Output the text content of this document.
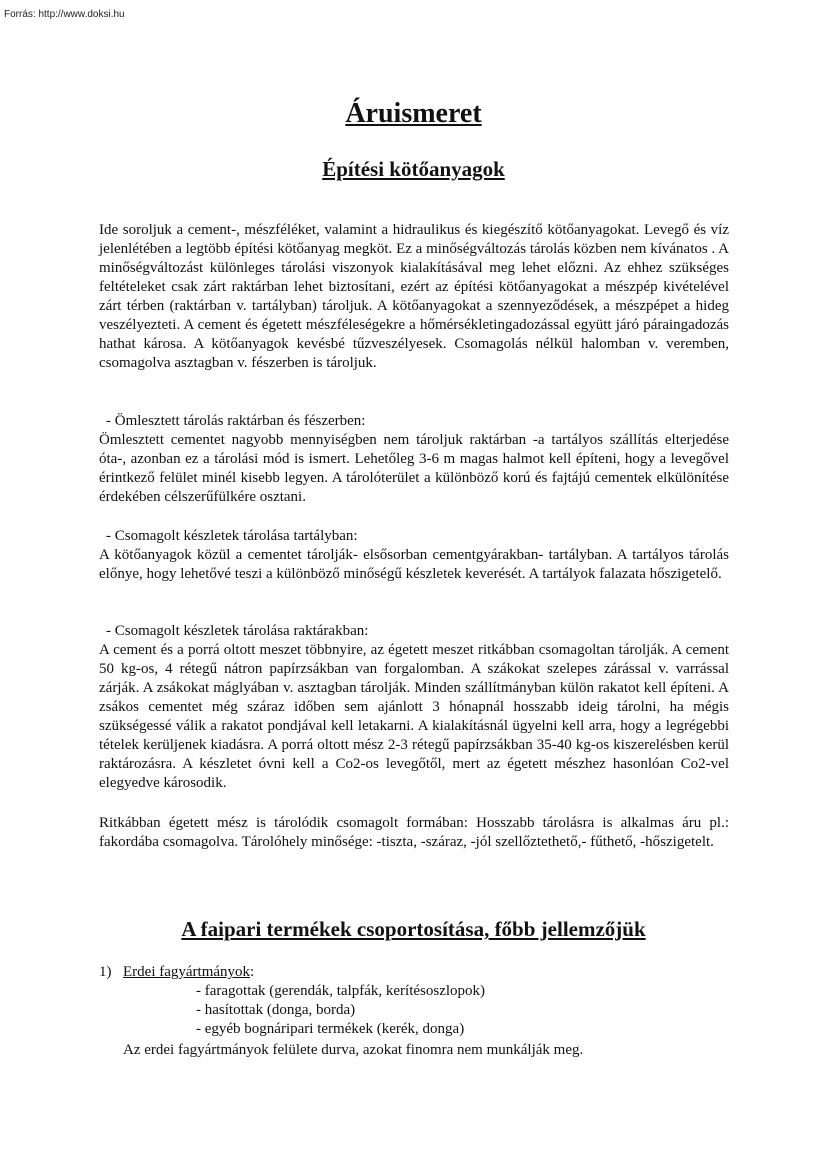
Forrás: http://www.doksi.hu
Áruismeret
Építési kötőanyagok

Ide soroljuk a cement-, mészféléket, valamint a hidraulikus és kiegészítő kötőanyagokat. Levegő és víz jelenlétében a legtöbb építési kötőanyag megköt. Ez a minőségváltozás tárolás közben nem kívánatos . A minőségváltozást különleges tárolási viszonyok kialakításával meg lehet előzni. Az ehhez szükséges feltételeket csak zárt raktárban lehet biztosítani, ezért az építési kötőanyagokat a mészpép kivételével zárt térben (raktárban v. tartályban) tároljuk. A kötőanyagokat a szennyeződések, a mészpépet a hideg veszélyezteti. A cement és égetett mészféleségekre a hőmérsékletingadozással együtt járó páraingadozás hathat károsa. A kötőanyagok kevésbé tűzveszélyesek. Csomagolás nélkül halomban v. veremben, csomagolva asztagban v. fészerben is tároljuk.

- Ömlesztett tárolás raktárban és fészerben:

Ömlesztett cementet nagyobb mennyiségben nem tároljuk raktárban -a tartályos szállítás elterjedése óta-, azonban ez a tárolási mód is ismert. Lehetőleg 3-6 m magas halmot kell építeni, hogy a levegővel érintkező felület minél kisebb legyen. A tárolóterület a különböző korú és fajtájú cementek elkülönítése érdekében célszerűfülkére osztani.

- Csomagolt készletek tárolása tartályban:

A kötőanyagok közül a cementet tárolják- elsősorban cementgyárakban- tartályban. A tartályos tárolás előnye, hogy lehetővé teszi a különböző minőségű készletek keverését. A tartályok falazata hőszigetelő.

- Csomagolt készletek tárolása raktárakban:

A cement és a porrá oltott meszet többnyire, az égetett meszet ritkábban csomagoltan tárolják. A cement 50 kg-os, 4 rétegű nátron papírzsákban van forgalomban. A szákokat szelepes zárással v. varrással zárják. A zsákokat máglyában v. asztagban tárolják. Minden szállítmányban külön rakatot kell építeni. A zsákos cementet még száraz időben sem ajánlott 3 hónapnál hosszabb ideig tárolni, ha mégis szükségessé válik a rakatot pondjával kell letakarni. A kialakításnál ügyelni kell arra, hogy a legrégebbi tételek kerüljenek kiadásra. A porrá oltott mész 2-3 rétegű papírzsákban 35-40 kg-os kiszerelésben kerül raktározásra. A készletet óvni kell a Co2-os levegőtől, mert az égetett mészhez hasonlóan Co2-vel elegyedve károsodik.

Ritkábban égetett mész is tárolódik csomagolt formában: Hosszabb tárolásra is alkalmas áru pl.: fakordába csomagolva. Tárolóhely minősége: -tiszta, -száraz, -jól szellőztethető,- fűthető, -hőszigetelt.

A faipari termékek csoportosítása, főbb jellemzőjük
1) Erdei fagyártmányok:
- faragottak (gerendák, talpfák, kerítésoszlopok)
- hasítottak (donga, borda)
- egyéb bognáripari termékek (kerék, donga)
Az erdei fagyártmányok felülete durva, azokat finomra nem munkálják meg.
